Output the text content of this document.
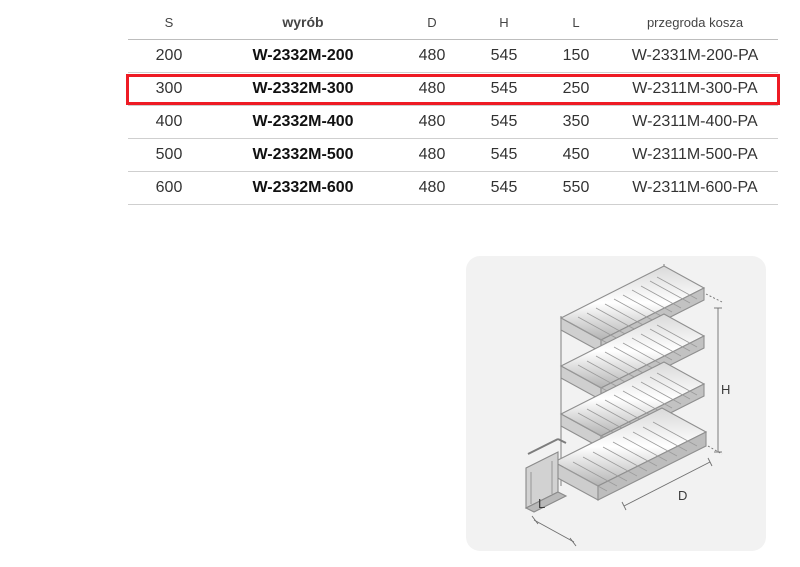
S	wyrób	D	H	L	przegroda kosza
200	W-2332M-200	480	545	150	W-2331M-200-PA
300	W-2332M-300	480	545	250	W-2311M-300-PA
400	W-2332M-400	480	545	350	W-2311M-400-PA
500	W-2332M-500	480	545	450	W-2311M-500-PA
600	W-2332M-600	480	545	550	W-2311M-600-PA
H
D
L
